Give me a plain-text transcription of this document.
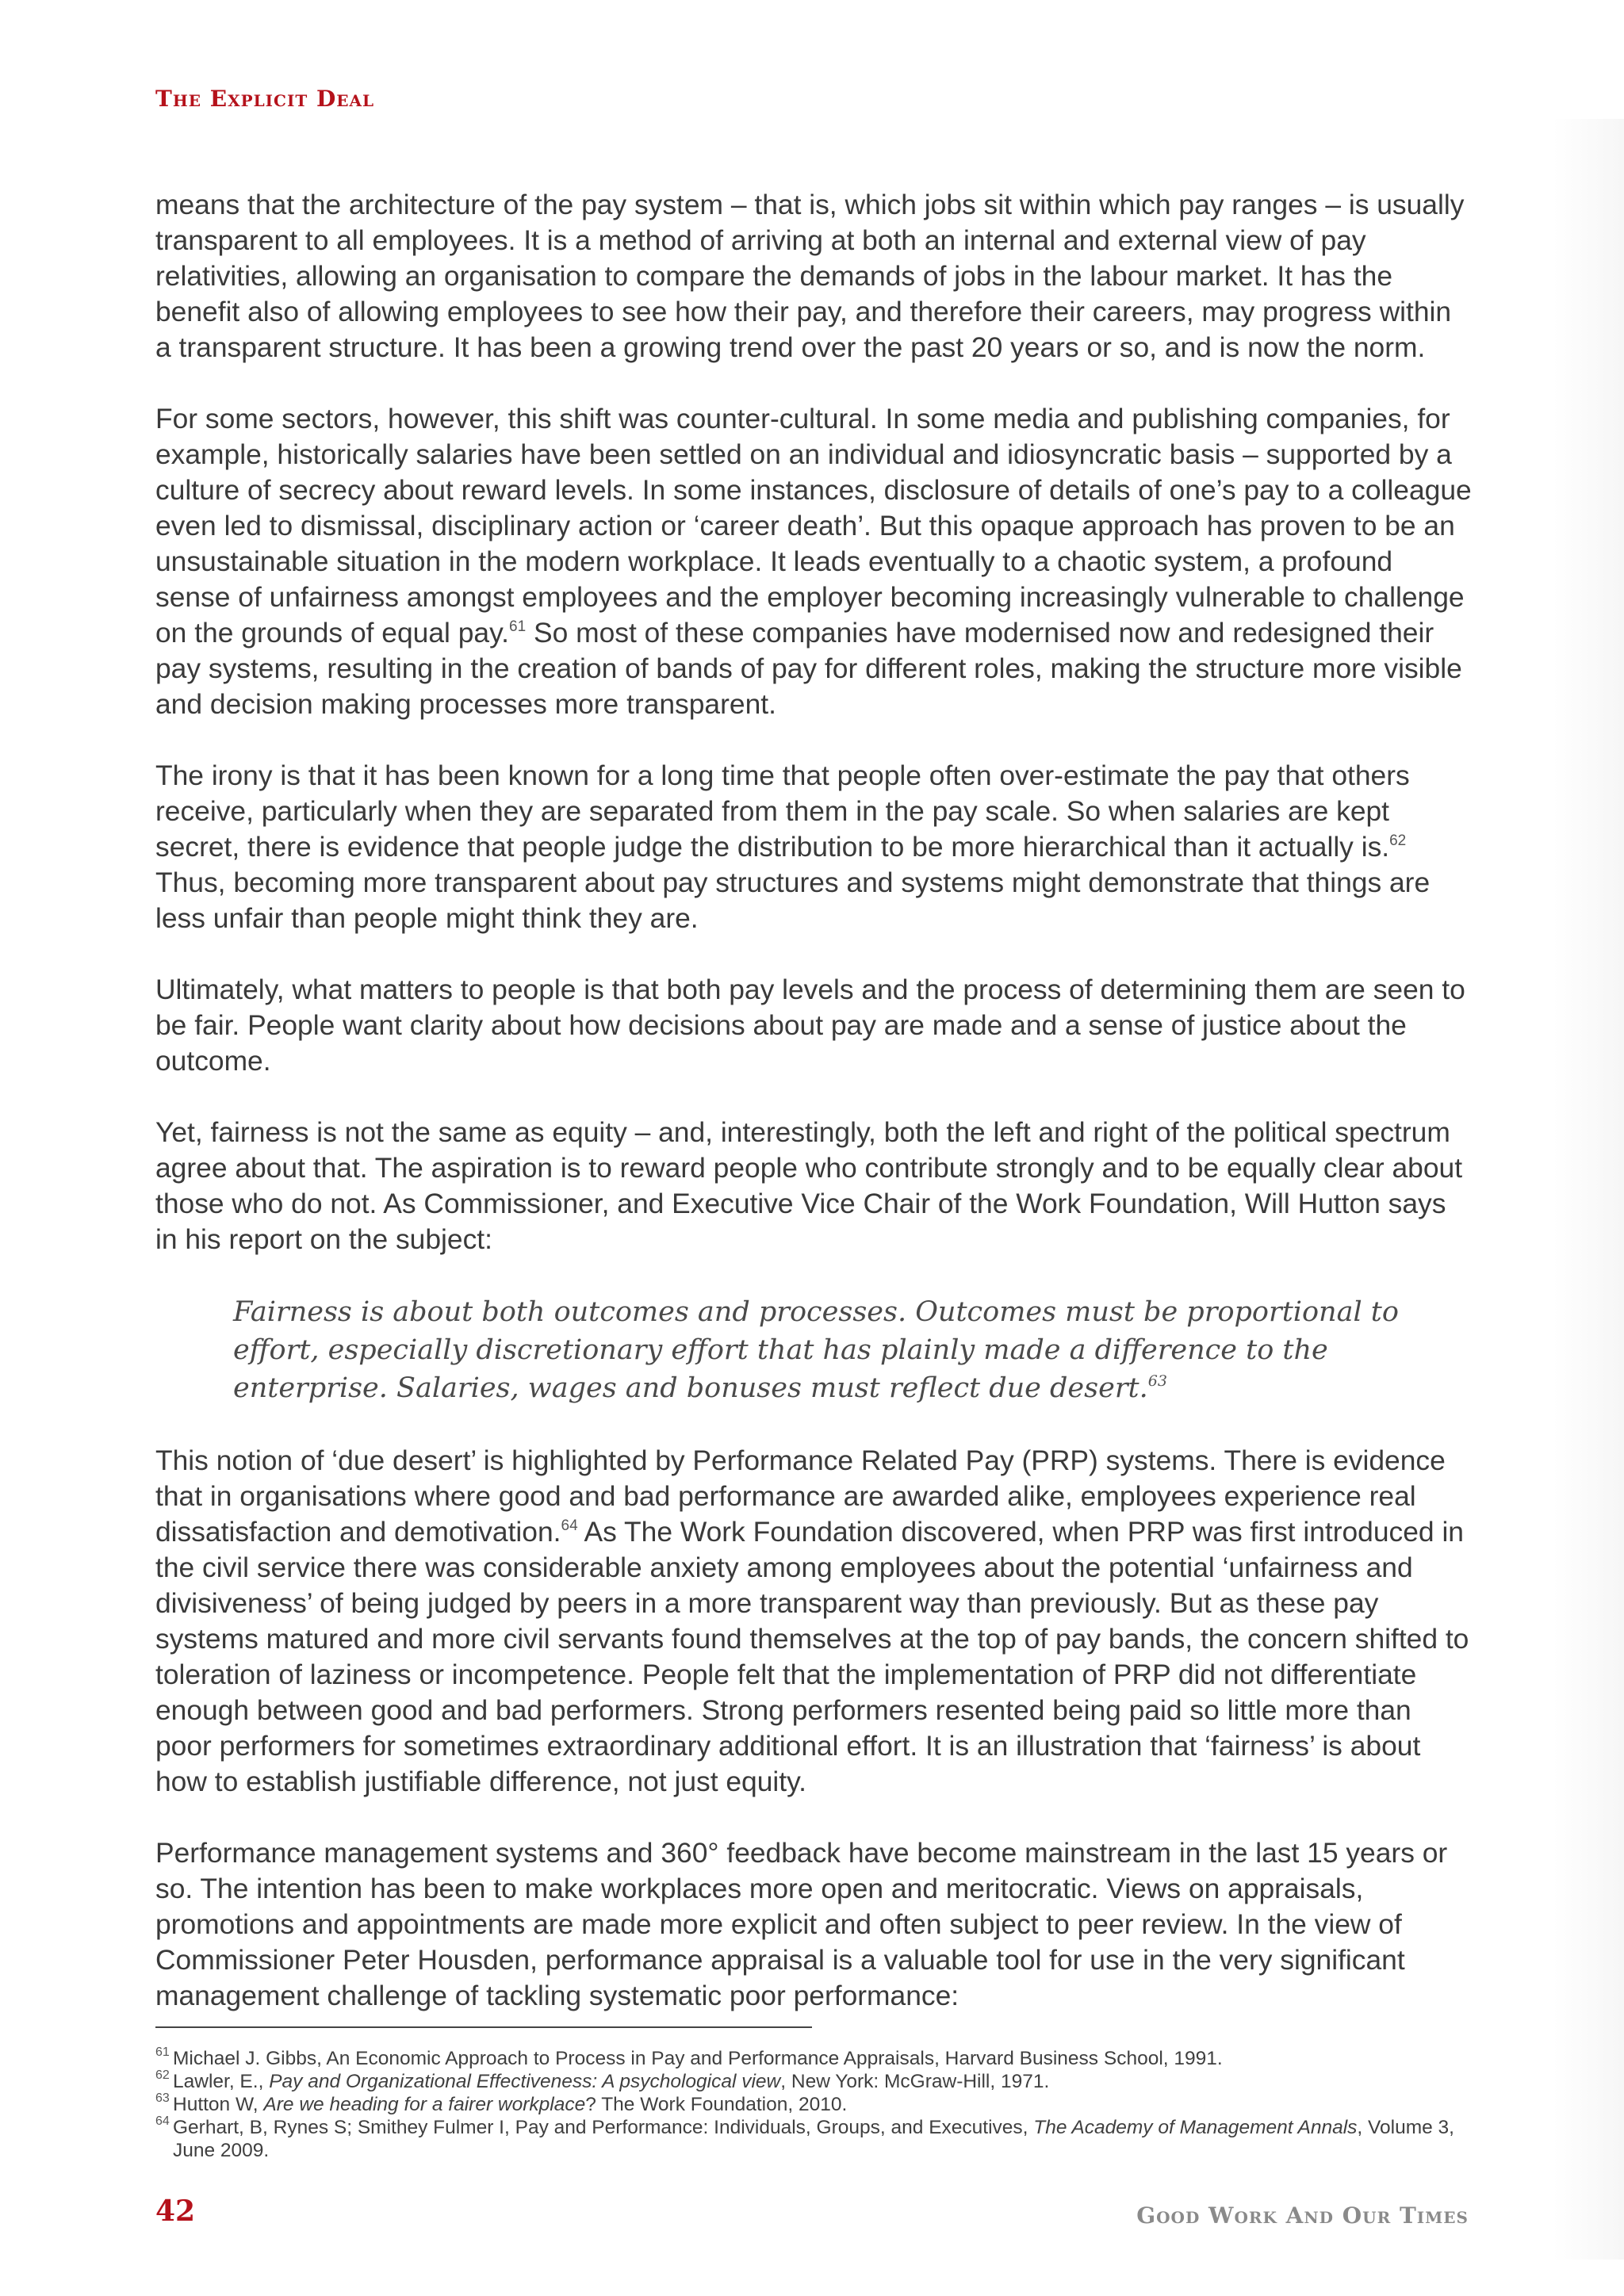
The Explicit Deal

means that the architecture of the pay system – that is, which jobs sit within which pay ranges – is usually transparent to all employees. It is a method of arriving at both an internal and external view of pay relativities, allowing an organisation to compare the demands of jobs in the labour market. It has the benefit also of allowing employees to see how their pay, and therefore their careers, may progress within a transparent structure. It has been a growing trend over the past 20 years or so, and is now the norm.

For some sectors, however, this shift was counter-cultural. In some media and publishing companies, for example, historically salaries have been settled on an individual and idiosyncratic basis – supported by a culture of secrecy about reward levels. In some instances, disclosure of details of one’s pay to a colleague even led to dismissal, disciplinary action or ‘career death’. But this opaque approach has proven to be an unsustainable situation in the modern workplace. It leads eventually to a chaotic system, a profound sense of unfairness amongst employees and the employer becoming increasingly vulnerable to challenge on the grounds of equal pay.$^{61}$ So most of these companies have modernised now and redesigned their pay systems, resulting in the creation of bands of pay for different roles, making the structure more visible and decision making processes more transparent.

The irony is that it has been known for a long time that people often over-estimate the pay that others receive, particularly when they are separated from them in the pay scale. So when salaries are kept secret, there is evidence that people judge the distribution to be more hierarchical than it actually is.$^{62}$ Thus, becoming more transparent about pay structures and systems might demonstrate that things are less unfair than people might think they are.

Ultimately, what matters to people is that both pay levels and the process of determining them are seen to be fair. People want clarity about how decisions about pay are made and a sense of justice about the outcome.

Yet, fairness is not the same as equity – and, interestingly, both the left and right of the political spectrum agree about that. The aspiration is to reward people who contribute strongly and to be equally clear about those who do not. As Commissioner, and Executive Vice Chair of the Work Foundation, Will Hutton says in his report on the subject:

Fairness is about both outcomes and processes. Outcomes must be proportional to effort, especially discretionary effort that has plainly made a difference to the enterprise. Salaries, wages and bonuses must reflect due desert.$^{63}$

This notion of ‘due desert’ is highlighted by Performance Related Pay (PRP) systems. There is evidence that in organisations where good and bad performance are awarded alike, employees experience real dissatisfaction and demotivation.$^{64}$ As The Work Foundation discovered, when PRP was first introduced in the civil service there was considerable anxiety among employees about the potential ‘unfairness and divisiveness’ of being judged by peers in a more transparent way than previously. But as these pay systems matured and more civil servants found themselves at the top of pay bands, the concern shifted to toleration of laziness or incompetence. People felt that the implementation of PRP did not differentiate enough between good and bad performers. Strong performers resented being paid so little more than poor performers for sometimes extraordinary additional effort. It is an illustration that ‘fairness’ is about how to establish justifiable difference, not just equity.

Performance management systems and 360° feedback have become mainstream in the last 15 years or so. The intention has been to make workplaces more open and meritocratic. Views on appraisals, promotions and appointments are made more explicit and often subject to peer review. In the view of Commissioner Peter Housden, performance appraisal is a valuable tool for use in the very significant management challenge of tackling systematic poor performance:

61 Michael J. Gibbs, An Economic Approach to Process in Pay and Performance Appraisals, Harvard Business School, 1991.
62 Lawler, E., Pay and Organizational Effectiveness: A psychological view, New York: McGraw-Hill, 1971.
63 Hutton W, Are we heading for a fairer workplace? The Work Foundation, 2010.
64 Gerhart, B, Rynes S; Smithey Fulmer I, Pay and Performance: Individuals, Groups, and Executives, The Academy of Management Annals, Volume 3, June 2009.
42	Good Work And Our Times
